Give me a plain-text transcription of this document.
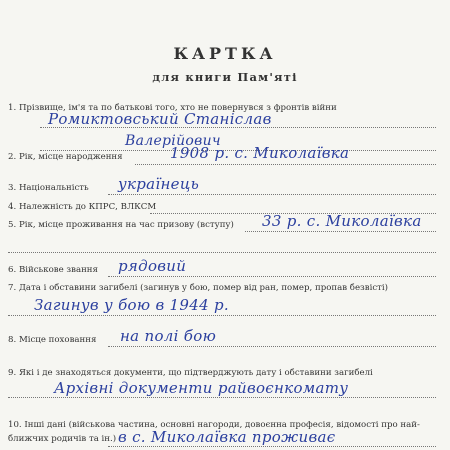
КАРТКА
для книги Пам'яті
1. Прізвище, ім'я та по батькові того, хто не повернувся з фронтів війни
Ромиктовський Станіслав
Валерійович
2. Рік, місце народження	1908 р. с. Миколаївка
3. Національність українець
4. Належність до КПРС, ВЛКСМ
5. Рік, місце проживання на час призову (вступу) 33 р. с. Миколаївка
6. Військове звання рядовий
7. Дата і обставини загибелі (загинув у бою, помер від ран, помер, пропав безвісті)
Загинув у бою в 1944 р.
8. Місце поховання на полі бою
9. Які і де знаходяться документи, що підтверджують дату і обставини загибелі
Архівні документи райвоєнкомату
10. Інші дані (військова частина, основні нагороди, довоєнна професія, відомості про най-
ближчих родичів та ін.) в с. Миколаївка проживає
